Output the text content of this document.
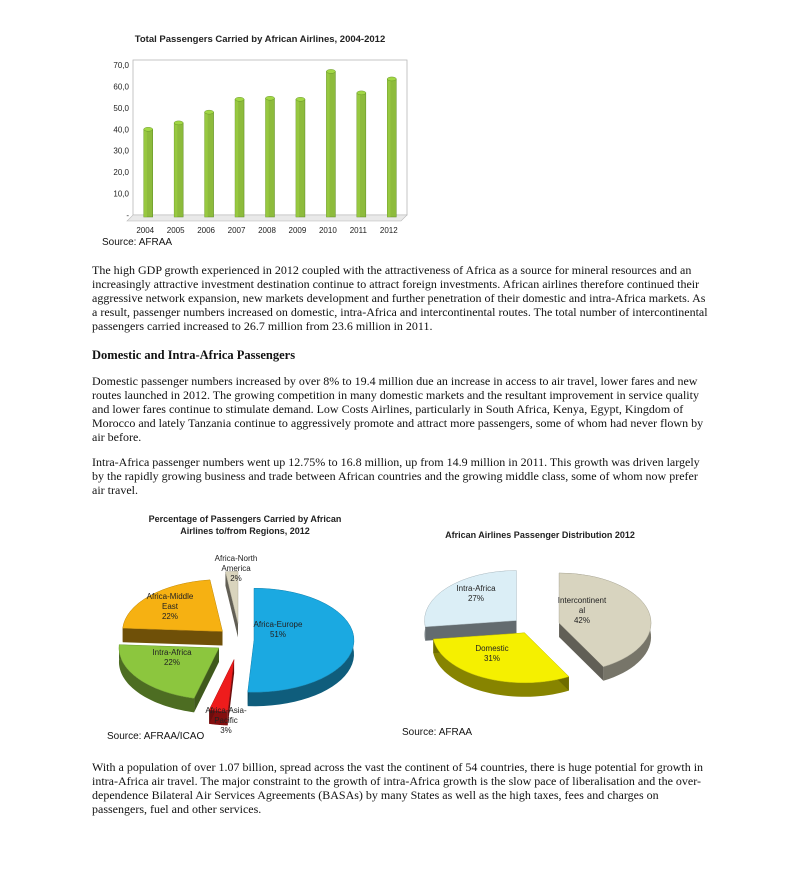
Total Passengers Carried by African Airlines, 2004-2012
70,0
60,0
50,0
40,0
30,0
20,0
10,0
-
2004 2005 2006 2007 2008 2009 2010 2011 2012
Source: AFRAA

The high GDP growth experienced in 2012 coupled with the attractiveness of Africa as a source for mineral resources and an increasingly attractive investment destination continue to attract foreign investments. African airlines therefore continued their aggressive network expansion, new markets development and further penetration of their domestic and intra-Africa markets. As a result, passenger numbers increased on domestic, intra-Africa and intercontinental routes. The total number of intercontinental passengers carried increased to 26.7 million from 23.6 million in 2011.

Domestic and Intra-Africa Passengers

Domestic passenger numbers increased by over 8% to 19.4 million due an increase in access to air travel, lower fares and new routes launched in 2012. The growing competition in many domestic markets and the resultant improvement in service quality and lower fares continue to stimulate demand. Low Costs Airlines, particularly in South Africa, Kenya, Egypt, Kingdom of Morocco and lately Tanzania continue to aggressively promote and attract more passengers, some of whom had never flown by air before.

Intra-Africa passenger numbers went up 12.75% to 16.8 million, up from 14.9 million in 2011. This growth was driven largely by the rapidly growing business and trade between African countries and the growing middle class, some of whom now prefer air travel.

Percentage of Passengers Carried by African
Airlines to/from Regions, 2012
Africa-Europe 51%
Africa-Asia-Pacific 3%
Intra-Africa 22%
Africa-Middle East 22%
Africa-North America 2%
Source: AFRAA/ICAO
African Airlines Passenger Distribution 2012
Intercontinent al 42%
Domestic 31%
Intra-Africa 27%
Source: AFRAA

With a population of over 1.07 billion, spread across the vast the continent of 54 countries, there is huge potential for growth in intra-Africa air travel. The major constraint to the growth of intra-Africa growth is the slow pace of liberalisation and the over-dependence Bilateral Air Services Agreements (BASAs) by many States as well as the high taxes, fees and charges on passengers, fuel and other services.
